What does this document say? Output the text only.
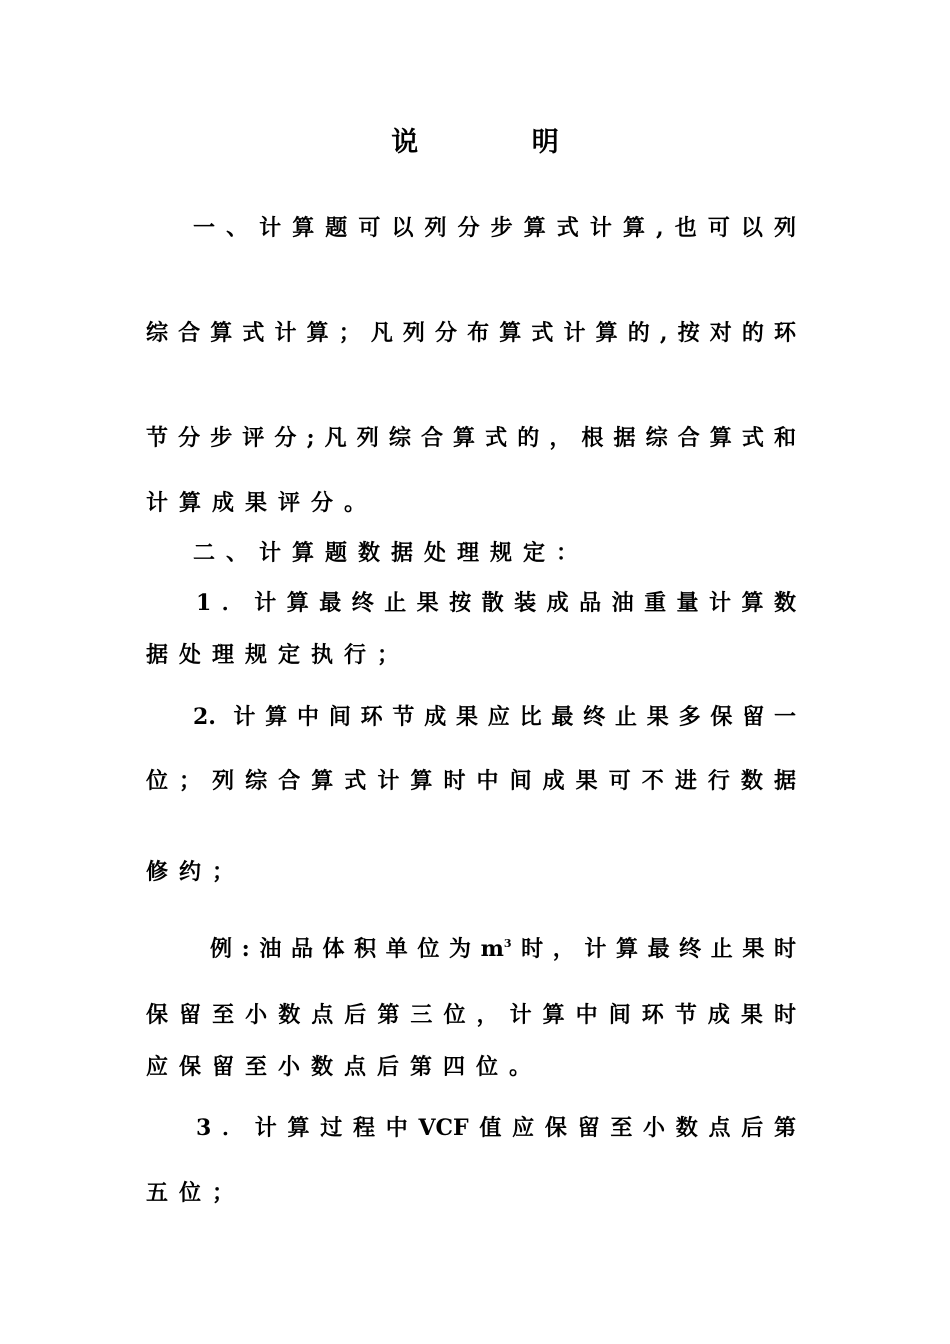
说 明
一、计算题可以列分步算式计算,也可以列
综合算式计算；凡列分布算式计算的,按对的环
节分步评分;凡列综合算式的，根据综合算式和
计算成果评分。
二、计算题数据处理规定：
1．计算最终止果按散装成品油重量计算数
据处理规定执行；
2. 计算中间环节成果应比最终止果多保留一
位；列综合算式计算时中间成果可不进行数据
修约；
例:油品体积单位为$m^3$时，计算最终止果时
保留至小数点后第三位，计算中间环节成果时
应保留至小数点后第四位。
3．计算过程中VCF值应保留至小数点后第
五位；
